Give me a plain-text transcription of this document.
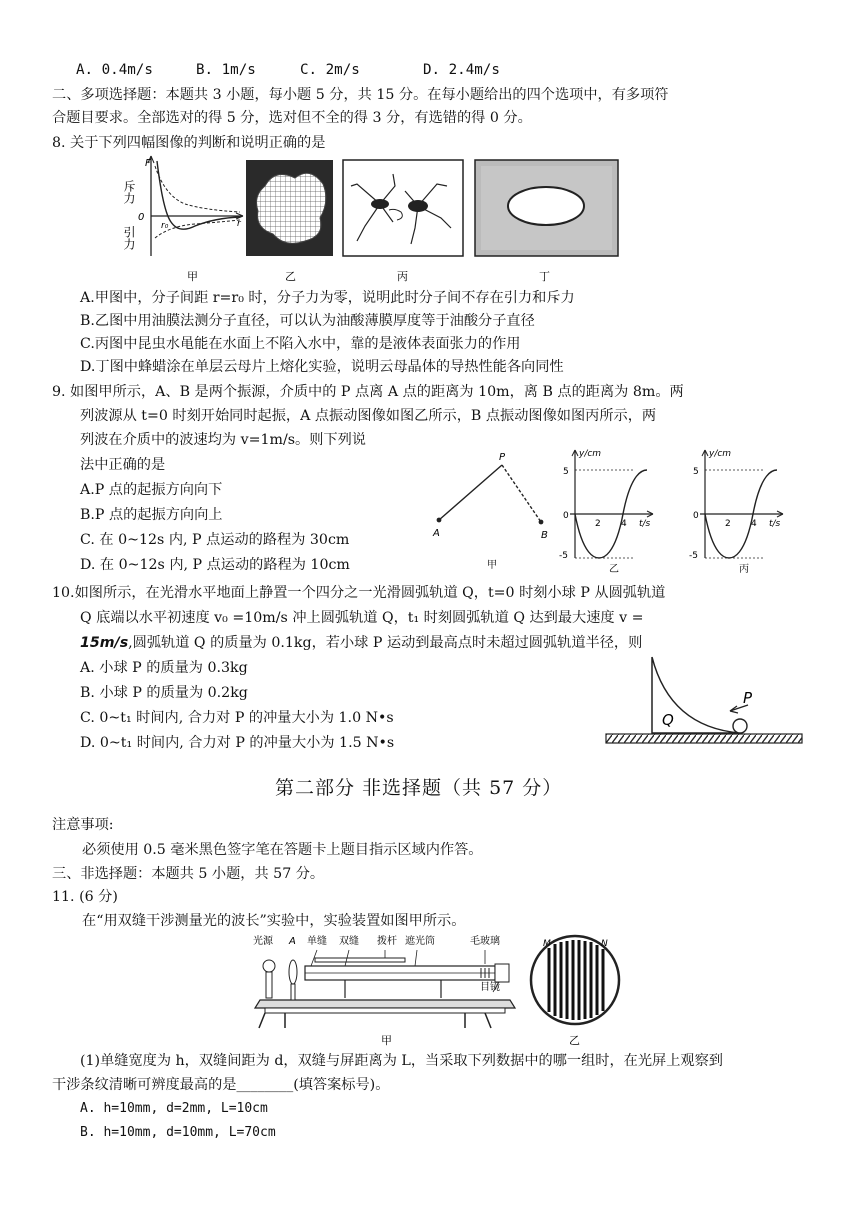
A. 0.4m/s	B. 1m/s	C. 2m/s	D. 2.4m/s
二、多项选择题：本题共 3 小题，每小题 5 分，共 15 分。在每小题给出的四个选项中，有多项符
合题目要求。全部选对的得 5 分，选对但不全的得 3 分，有选错的得 0 分。
8. 关于下列四幅图像的判断和说明正确的是
F
斥力
0
引力	r₀	r
甲	乙	丙	丁
A.甲图中，分子间距 r=r₀ 时，分子力为零，说明此时分子间不存在引力和斥力
B.乙图中用油膜法测分子直径，可以认为油酸薄膜厚度等于油酸分子直径
C.丙图中昆虫水黾能在水面上不陷入水中，靠的是液体表面张力的作用
D.丁图中蜂蜡涂在单层云母片上熔化实验，说明云母晶体的导热性能各向同性
9. 如图甲所示，A、B 是两个振源，介质中的 P 点离 A 点的距离为 10m，离 B 点的距离为 8m。两
列波源从 t=0 时刻开始同时起振，A 点振动图像如图乙所示，B 点振动图像如图丙所示，两
列波在介质中的波速均为 v=1m/s。则下列说
法中正确的是
A.P 点的起振方向向下
B.P 点的起振方向向上
C. 在 0~12s 内, P 点运动的路程为 30cm
D. 在 0~12s 内, P 点运动的路程为 10cm
P
A	B
甲
y/cm
5
0
-5
2 4 t/s
乙
y/cm
5
0
-5
2 4 t/s
丙
10.如图所示，在光滑水平地面上静置一个四分之一光滑圆弧轨道 Q，t=0 时刻小球 P 从圆弧轨道
Q 底端以水平初速度 v₀ =10m/s 冲上圆弧轨道 Q，t₁ 时刻圆弧轨道 Q 达到最大速度 v =
15m/s,圆弧轨道 Q 的质量为 0.1kg，若小球 P 运动到最高点时未超过圆弧轨道半径，则
A. 小球 P 的质量为 0.3kg
B. 小球 P 的质量为 0.2kg
C. 0~t₁ 时间内, 合力对 P 的冲量大小为 1.0 N•s
D. 0~t₁ 时间内, 合力对 P 的冲量大小为 1.5 N•s
P
Q
第二部分 非选择题（共 57 分）
注意事项:
必须使用 0.5 毫米黑色签字笔在答题卡上题目指示区域内作答。
三、非选择题：本题共 5 小题，共 57 分。
11. (6 分)
在“用双缝干涉测量光的波长”实验中，实验装置如图甲所示。
光源 A 单缝 双缝 拨杆 遮光筒	毛玻璃
目镜
甲
M	N
乙
(1)单缝宽度为 h，双缝间距为 d，双缝与屏距离为 L，当采取下列数据中的哪一组时，在光屏上观察到
干涉条纹清晰可辨度最高的是________(填答案标号)。
A. h=10mm, d=2mm, L=10cm
B. h=10mm, d=10mm, L=70cm
